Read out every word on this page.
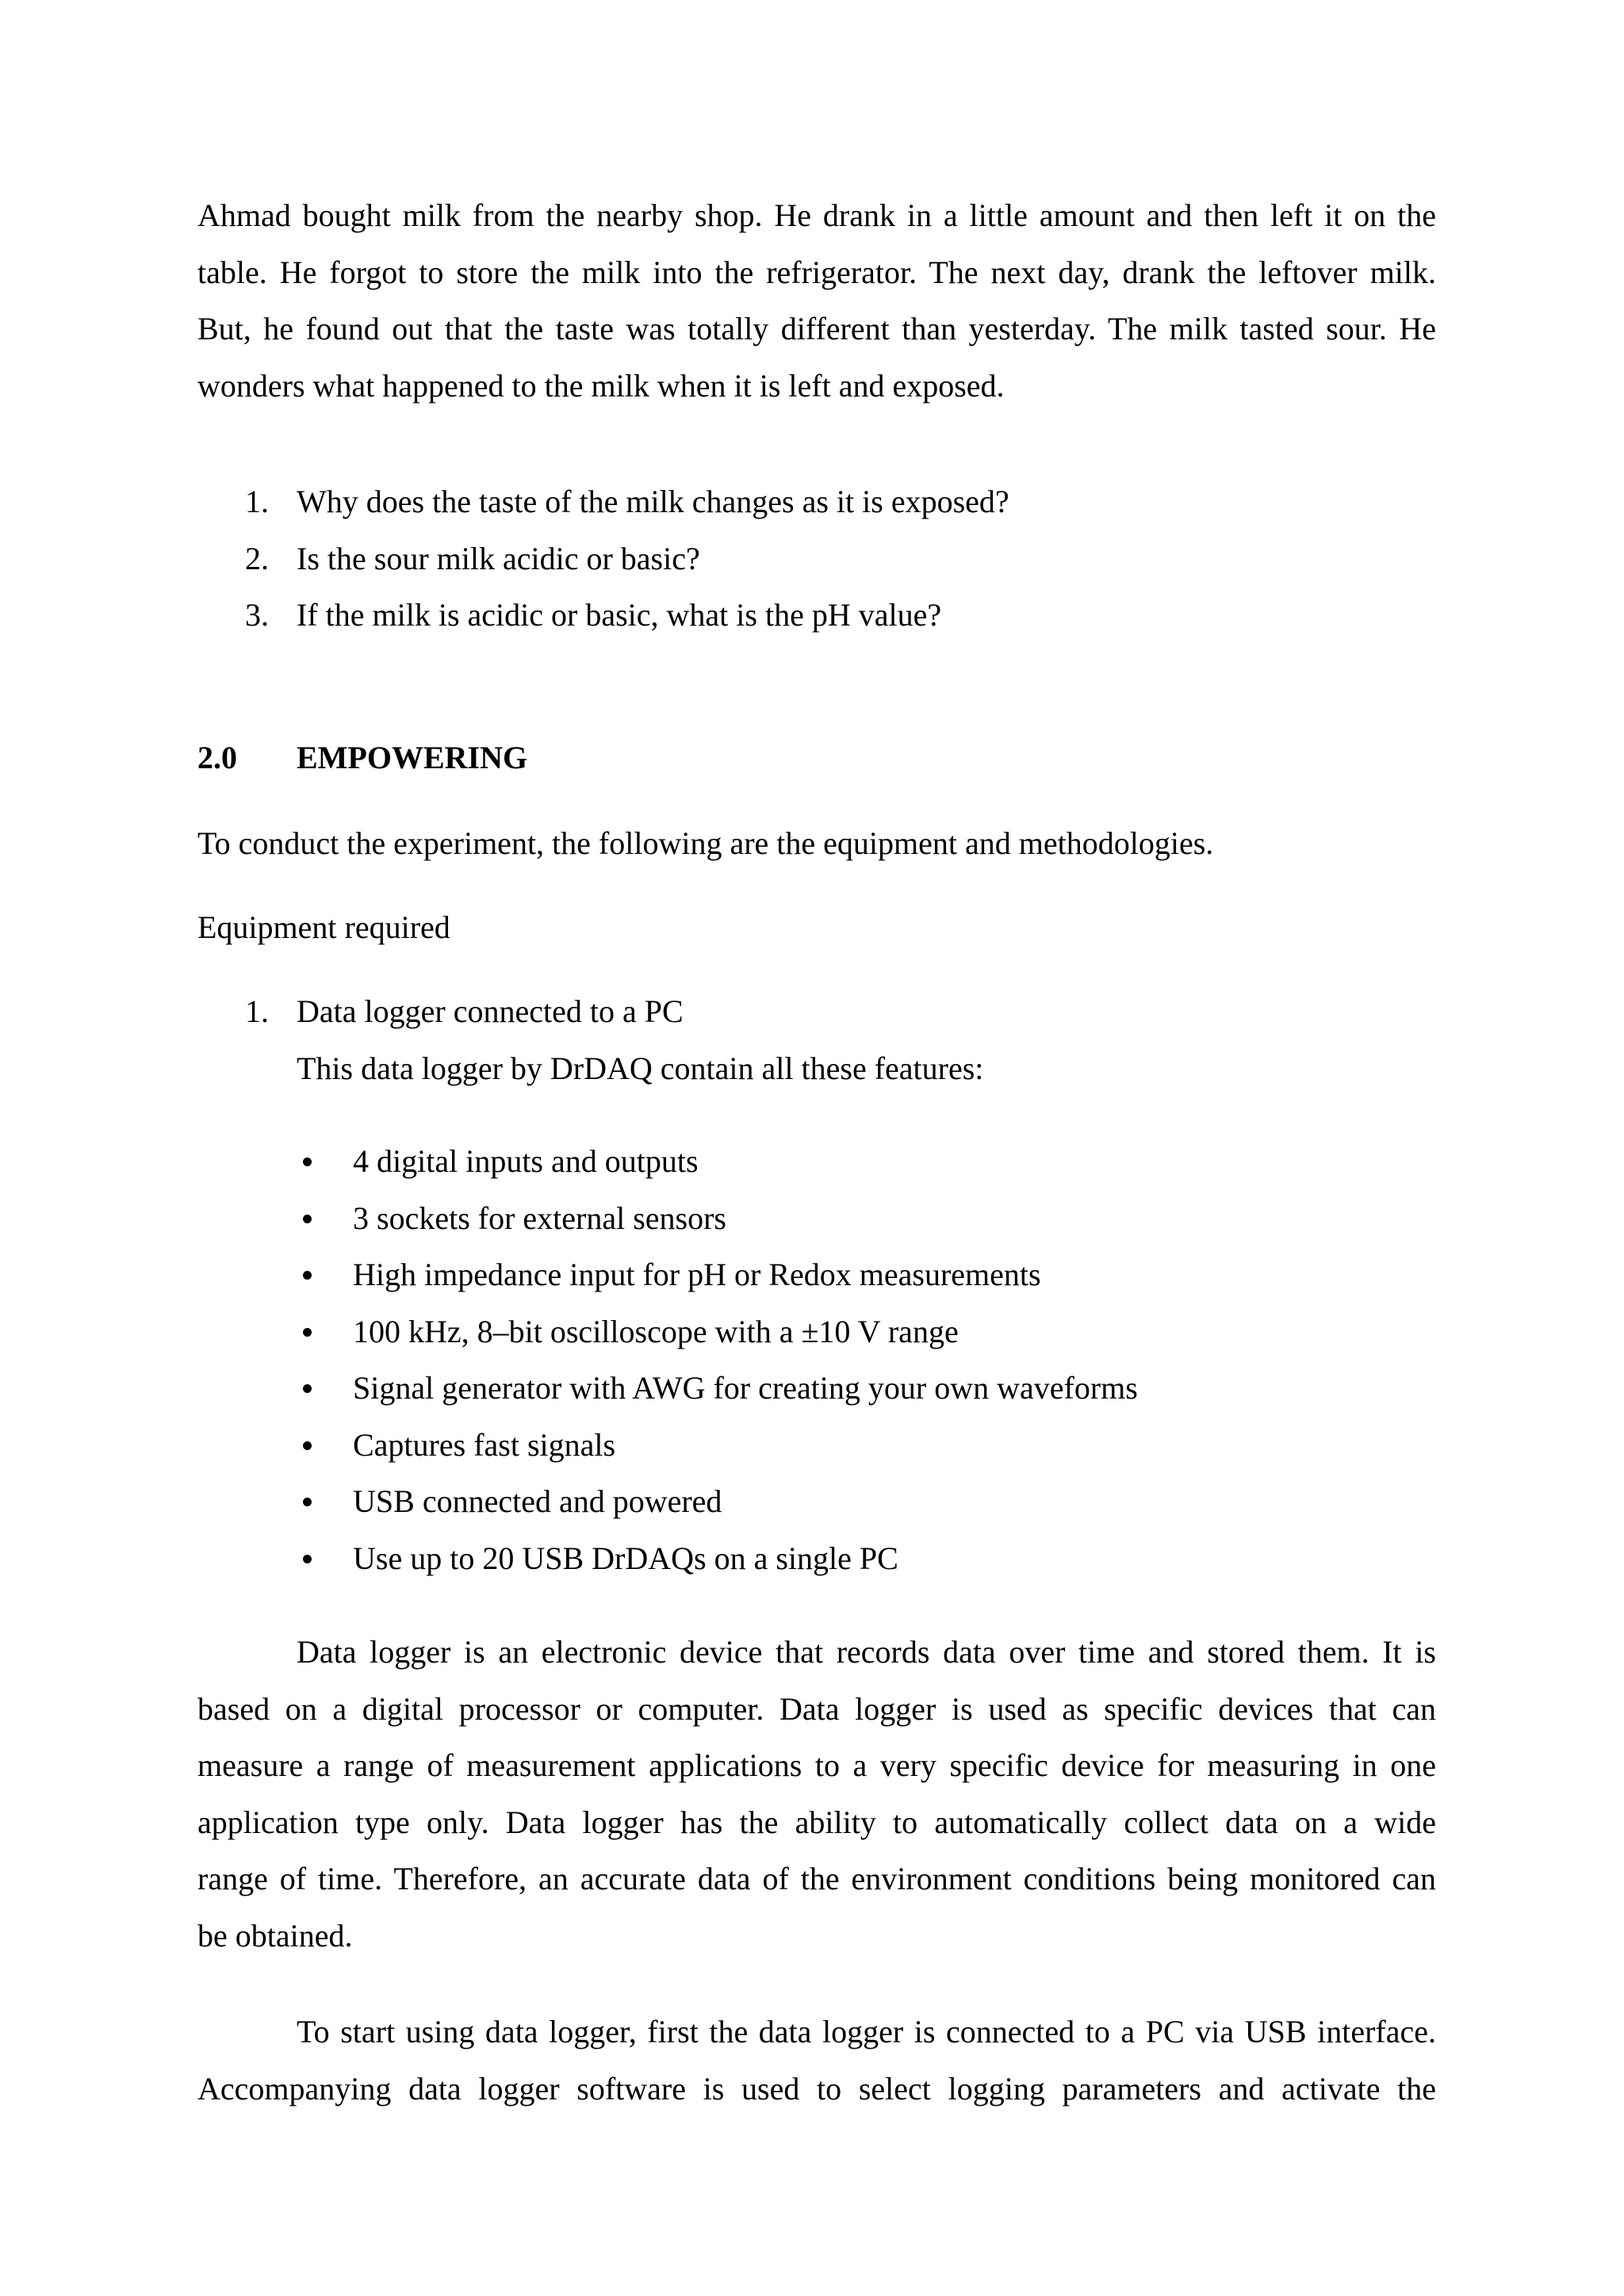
Ahmad bought milk from the nearby shop. He drank in a little amount and then left it on the
table. He forgot to store the milk into the refrigerator. The next day, drank the leftover milk.
But, he found out that the taste was totally different than yesterday. The milk tasted sour. He
wonders what happened to the milk when it is left and exposed.
1. Why does the taste of the milk changes as it is exposed?
2. Is the sour milk acidic or basic?
3. If the milk is acidic or basic, what is the pH value?
2.0 EMPOWERING

To conduct the experiment, the following are the equipment and methodologies.

Equipment required

1. Data logger connected to a PC

This data logger by DrDAQ contain all these features:

4 digital inputs and outputs
3 sockets for external sensors
High impedance input for pH or Redox measurements
100 kHz, 8–bit oscilloscope with a ±10 V range
Signal generator with AWG for creating your own waveforms
Captures fast signals
USB connected and powered
Use up to 20 USB DrDAQs on a single PC
Data logger is an electronic device that records data over time and stored them. It is
based on a digital processor or computer. Data logger is used as specific devices that can
measure a range of measurement applications to a very specific device for measuring in one
application type only. Data logger has the ability to automatically collect data on a wide
range of time. Therefore, an accurate data of the environment conditions being monitored can
be obtained.
To start using data logger, first the data logger is connected to a PC via USB interface.
Accompanying data logger software is used to select logging parameters and activate the
